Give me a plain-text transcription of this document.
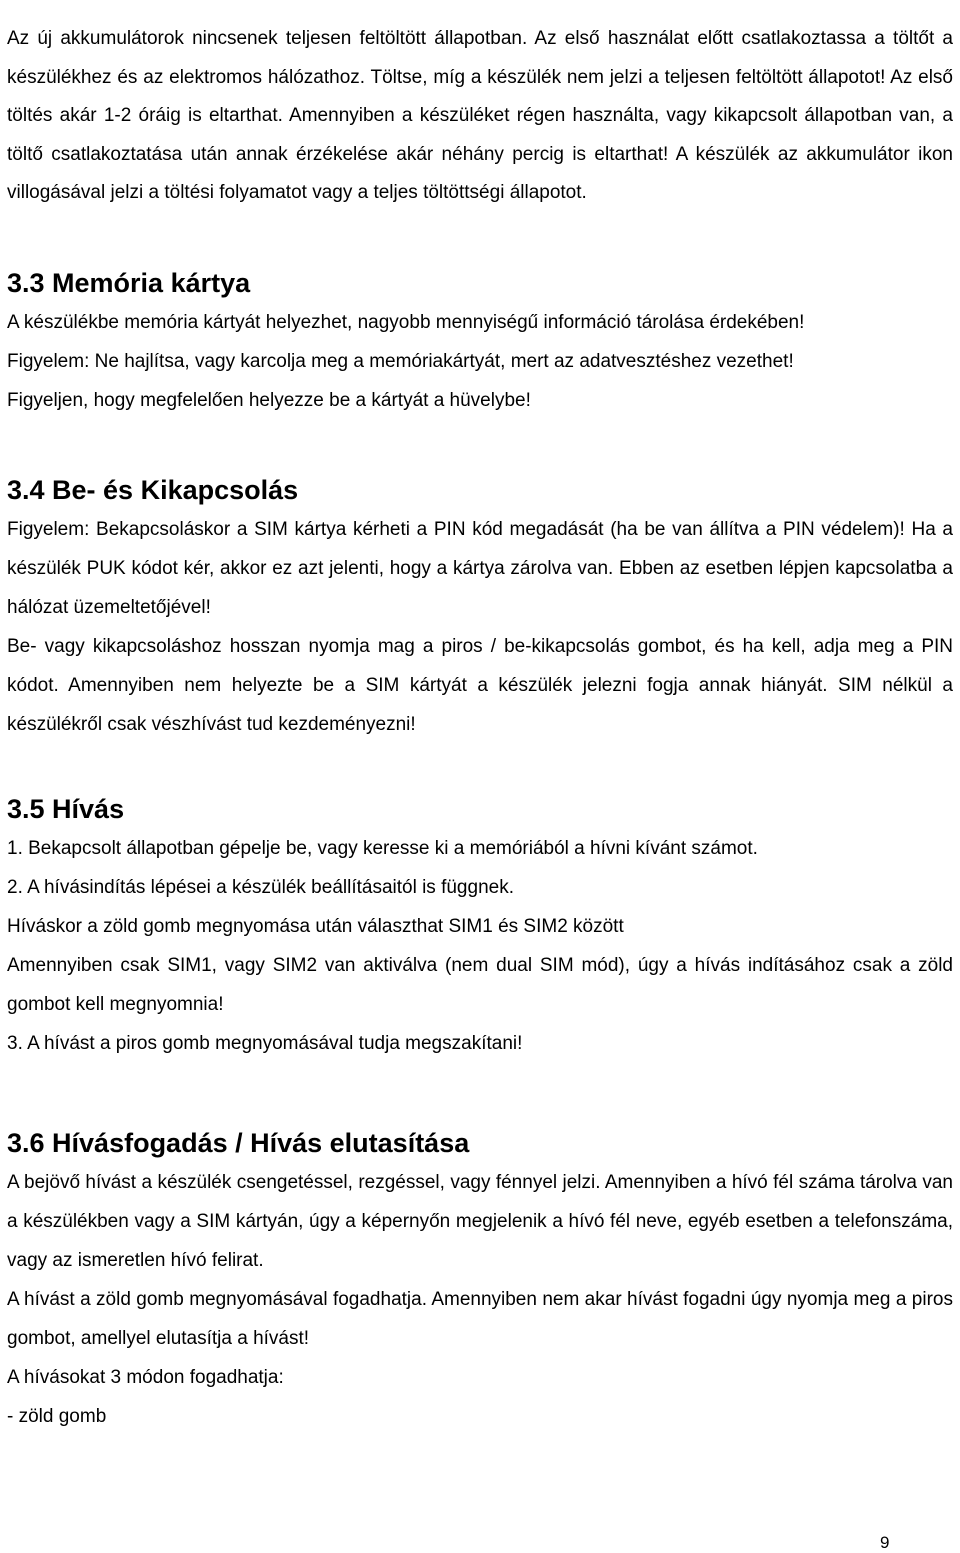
Az új akkumulátorok nincsenek teljesen feltöltött állapotban. Az első használat előtt csatlakoztassa a töltőt a készülékhez és az elektromos hálózathoz. Töltse, míg a készülék nem jelzi a teljesen feltöltött állapotot! Az első töltés akár 1-2 óráig is eltarthat. Amennyiben a készüléket régen használta, vagy kikapcsolt állapotban van, a töltő csatlakoztatása után annak érzékelése akár néhány percig is eltarthat! A készülék az akkumulátor ikon villogásával jelzi a töltési folyamatot vagy a teljes töltöttségi állapotot.

3.3 Memória kártya

A készülékbe memória kártyát helyezhet, nagyobb mennyiségű információ tárolása érdekében!

Figyelem: Ne hajlítsa, vagy karcolja meg a memóriakártyát, mert az adatvesztéshez vezethet!

Figyeljen, hogy megfelelően helyezze be a kártyát a hüvelybe!

3.4 Be- és Kikapcsolás

Figyelem: Bekapcsoláskor a SIM kártya kérheti a PIN kód megadását (ha be van állítva a PIN védelem)! Ha a készülék PUK kódot kér, akkor ez azt jelenti, hogy a kártya zárolva van. Ebben az esetben lépjen kapcsolatba a hálózat üzemeltetőjével!

Be- vagy kikapcsoláshoz hosszan nyomja mag a piros / be-kikapcsolás gombot, és ha kell, adja meg a PIN kódot. Amennyiben nem helyezte be a SIM kártyát a készülék jelezni fogja annak hiányát. SIM nélkül a készülékről csak vészhívást tud kezdeményezni!

3.5 Hívás

1. Bekapcsolt állapotban gépelje be, vagy keresse ki a memóriából a hívni kívánt számot.

2. A hívásindítás lépései a készülék beállításaitól is függnek.

Híváskor a zöld gomb megnyomása után választhat SIM1 és SIM2 között

Amennyiben csak SIM1, vagy SIM2 van aktiválva (nem dual SIM mód), úgy a hívás indításához csak a zöld gombot kell megnyomnia!

3. A hívást a piros gomb megnyomásával tudja megszakítani!

3.6 Hívásfogadás / Hívás elutasítása

A bejövő hívást a készülék csengetéssel, rezgéssel, vagy fénnyel jelzi. Amennyiben a hívó fél száma tárolva van a készülékben vagy a SIM kártyán, úgy a képernyőn megjelenik a hívó fél neve, egyéb esetben a telefonszáma, vagy az ismeretlen hívó felirat.

A hívást a zöld gomb megnyomásával fogadhatja. Amennyiben nem akar hívást fogadni úgy nyomja meg a piros gombot, amellyel elutasítja a hívást!

A hívásokat 3 módon fogadhatja:

- zöld gomb

9
